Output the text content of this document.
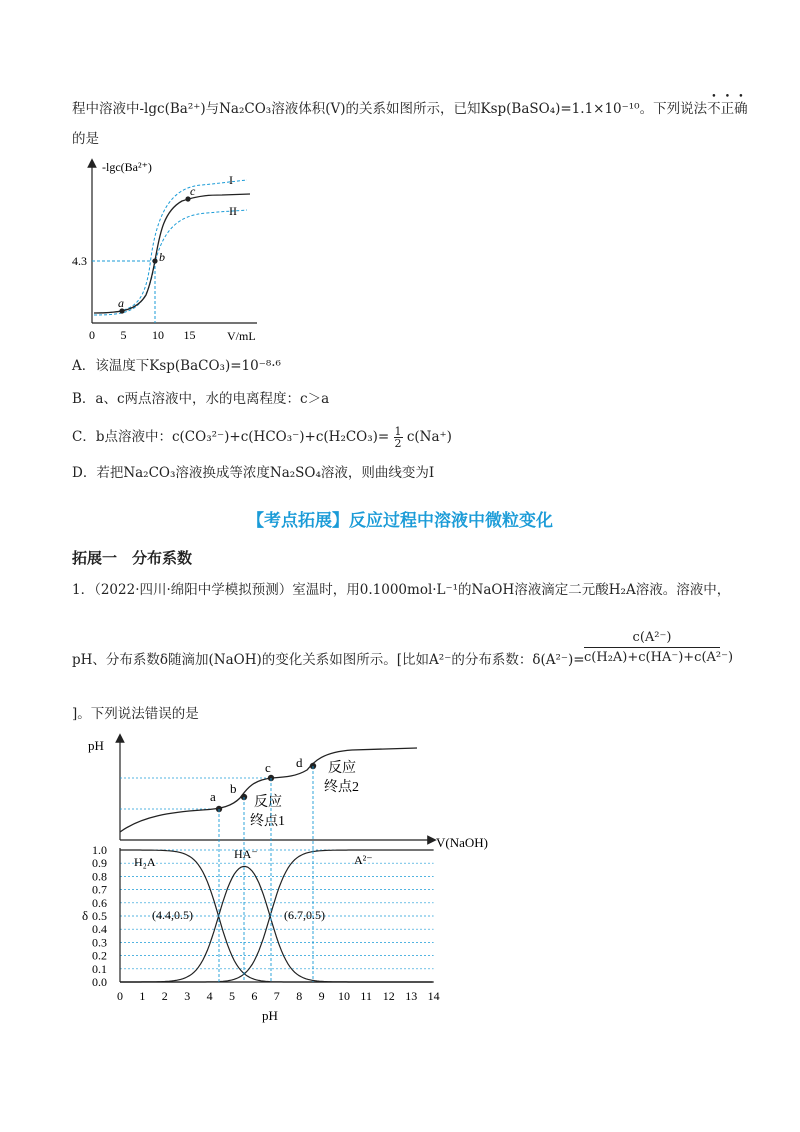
程中溶液中-lgc(Ba²⁺)与Na₂CO₃溶液体积(V)的关系如图所示，已知Ksp(BaSO₄)=1.1×10⁻¹⁰。下列说法不正确
的是
-lgc(Ba²⁺)
V/mL
0 5 10 15
4.3
a
b
c
I
II
A．该温度下Ksp(BaCO₃)=10⁻⁸·⁶
B．a、c两点溶液中，水的电离程度：c＞a
C．b点溶液中：$c(CO_3^{2-})+c(HCO_3^-)+c(H_2CO_3)= \frac{1}{2} c(Na^+)$
D．若把Na₂CO₃溶液换成等浓度Na₂SO₄溶液，则曲线变为I
【考点拓展】反应过程中溶液中微粒变化
拓展一　分布系数
1．（2022·四川·绵阳中学模拟预测）室温时，用0.1000mol·L⁻¹的NaOH溶液滴定二元酸H₂A溶液。溶液中，
pH、分布系数δ随滴加(NaOH)的变化关系如图所示。[比如A²⁻的分布系数：$\delta(A^{2-})= \frac{\text{c(A²⁻)}}{\text{c(H₂A)+c(HA⁻)+c(A²⁻)}}$
]。下列说法错误的是
pH
V(NaOH)
a
b
c d
反应
终点1
反应
终点2
δ
pH
0.0
0.1
0.2
0.3
0.4
0.5
0.6
0.7
0.8
0.9
1.0
0 1 2 3 4 5 6 7 8 9 10 11 12 13 14
H₂A
HA⁻	A²⁻
(4.4,0.5)	(6.7,0.5)
